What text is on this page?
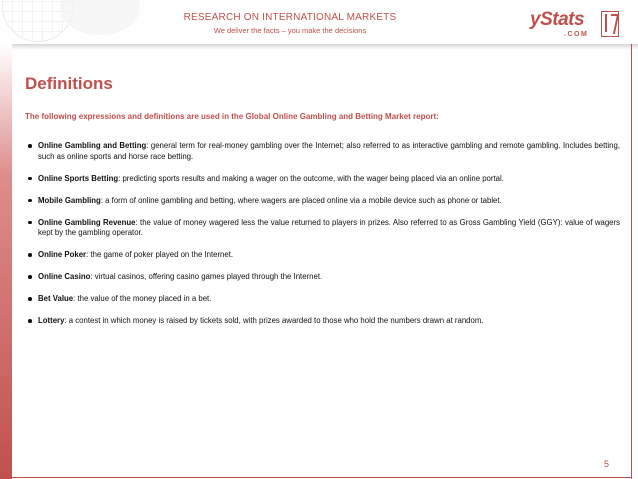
RESEARCH ON INTERNATIONAL MARKETS
We deliver the facts – you make the decisions
yStats
.COM
Definitions
The following expressions and definitions are used in the Global Online Gambling and Betting Market report:
Online Gambling and Betting: general term for real-money gambling over the Internet; also referred to as interactive gambling and remote gambling. Includes betting, such as online sports and horse race betting.
Online Sports Betting: predicting sports results and making a wager on the outcome, with the wager being placed via an online portal.
Mobile Gambling: a form of online gambling and betting, where wagers are placed online via a mobile device such as phone or tablet.
Online Gambling Revenue: the value of money wagered less the value returned to players in prizes. Also referred to as Gross Gambling Yield (GGY): value of wagers kept by the gambling operator.
Online Poker: the game of poker played on the Internet.
Online Casino: virtual casinos, offering casino games played through the Internet.
Bet Value: the value of the money placed in a bet.
Lottery: a contest in which money is raised by tickets sold, with prizes awarded to those who hold the numbers drawn at random.
5
